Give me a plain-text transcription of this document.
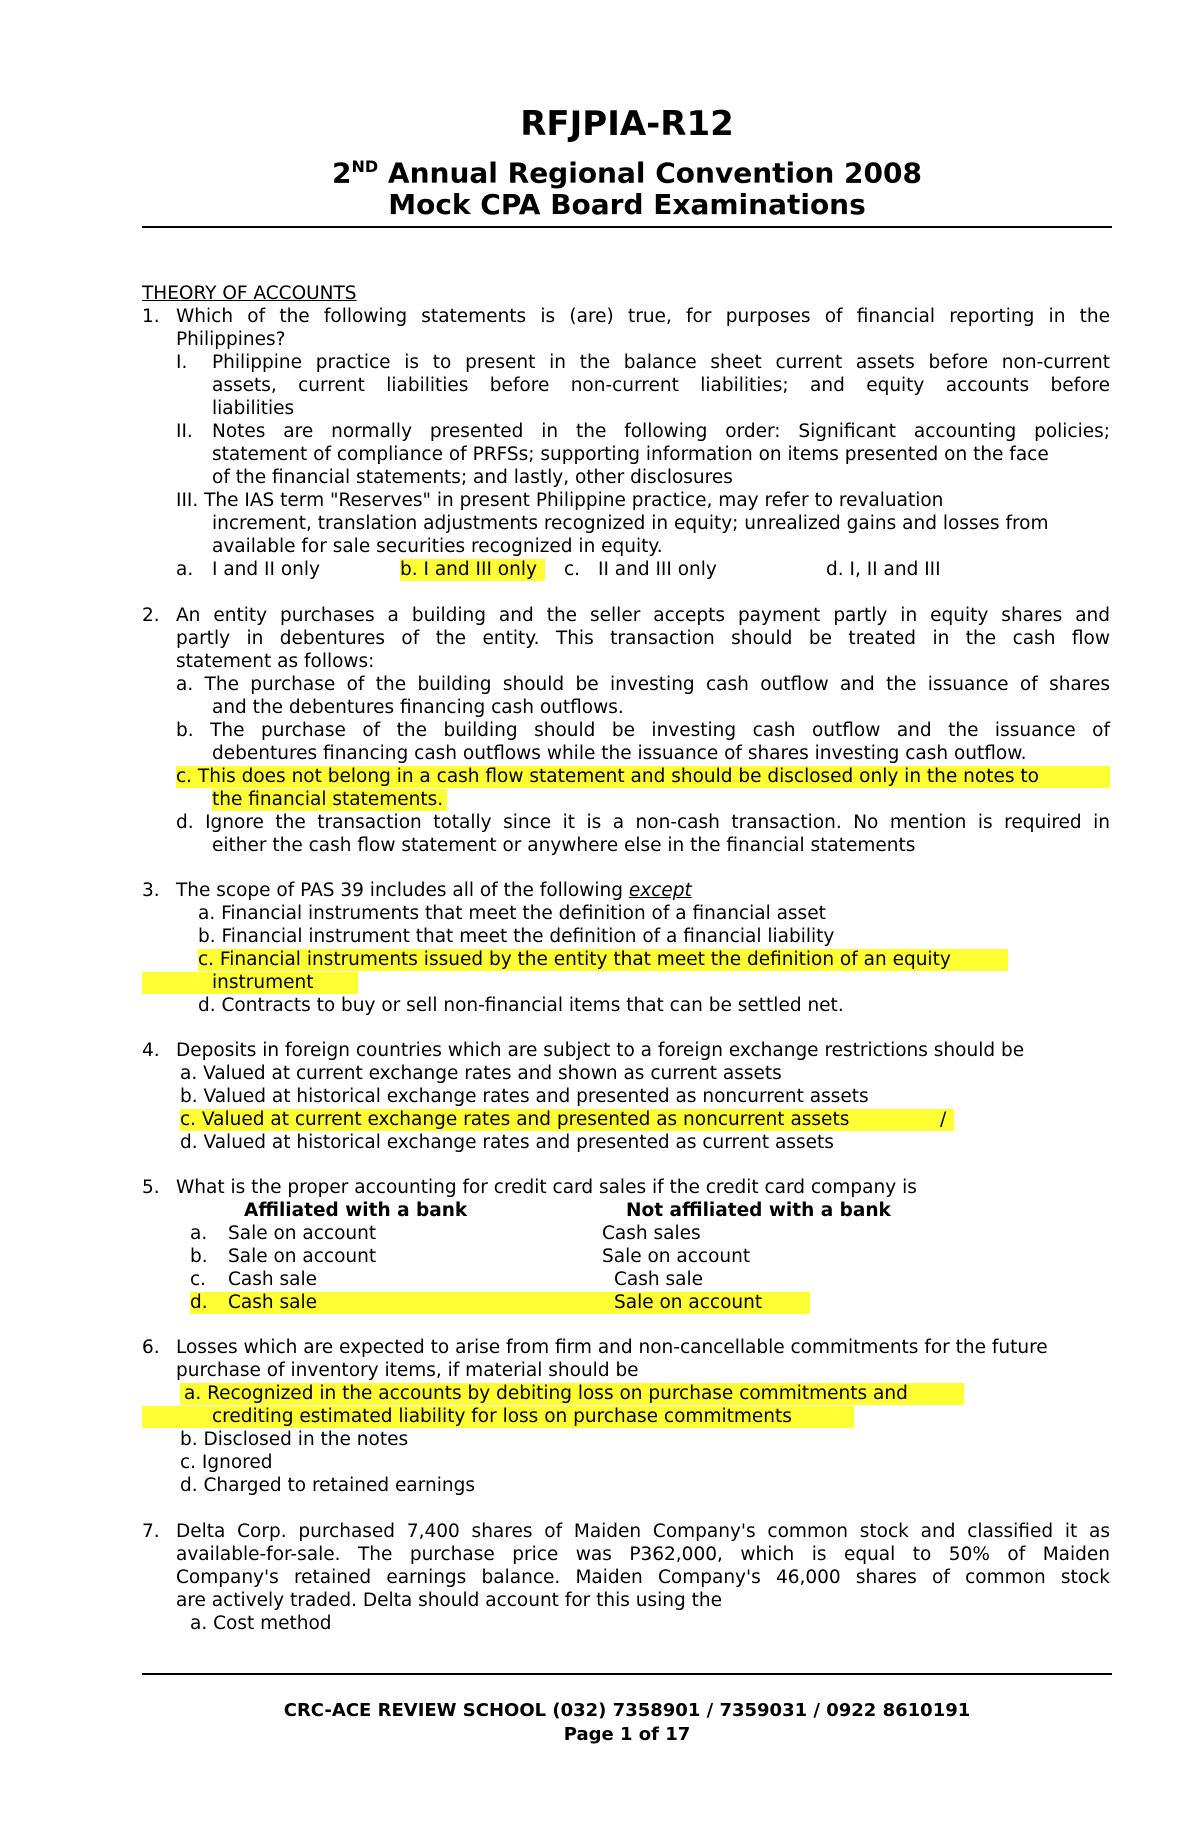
RFJPIA-R12
2ND Annual Regional Convention 2008
Mock CPA Board Examinations
THEORY OF ACCOUNTS
1. Which of the following statements is (are) true, for purposes of financial reporting in the
Philippines?
I. Philippine practice is to present in the balance sheet current assets before non-current
assets, current liabilities before non-current liabilities; and equity accounts before
liabilities
II. Notes are normally presented in the following order: Significant accounting policies;
statement of compliance of PRFSs; supporting information on items presented on the face
of the financial statements; and lastly, other disclosures
III. The IAS term "Reserves" in present Philippine practice, may refer to revaluation
increment, translation adjustments recognized in equity; unrealized gains and losses from
available for sale securities recognized in equity.
a. I and II only	b. I and III only	c. II and III only	d. I, II and III
2. An entity purchases a building and the seller accepts payment partly in equity shares and
partly in debentures of the entity. This transaction should be treated in the cash flow
statement as follows:
a. The purchase of the building should be investing cash outflow and the issuance of shares
and the debentures financing cash outflows.
b. The purchase of the building should be investing cash outflow and the issuance of
debentures financing cash outflows while the issuance of shares investing cash outflow.
c. This does not belong in a cash flow statement and should be disclosed only in the notes to
the financial statements.
d. Ignore the transaction totally since it is a non-cash transaction. No mention is required in
either the cash flow statement or anywhere else in the financial statements
3. The scope of PAS 39 includes all of the following except
a. Financial instruments that meet the definition of a financial asset
b. Financial instrument that meet the definition of a financial liability
c. Financial instruments issued by the entity that meet the definition of an equity
instrument
d. Contracts to buy or sell non-financial items that can be settled net.
4. Deposits in foreign countries which are subject to a foreign exchange restrictions should be
a. Valued at current exchange rates and shown as current assets
b. Valued at historical exchange rates and presented as noncurrent assets
c. Valued at current exchange rates and presented as noncurrent assets	/
d. Valued at historical exchange rates and presented as current assets
5. What is the proper accounting for credit card sales if the credit card company is
Affiliated with a bank	Not affiliated with a bank
a. Sale on account	Cash sales
b. Sale on account	Sale on account
c. Cash sale	Cash sale

d. Cash sale	Sale on account
6. Losses which are expected to arise from firm and non-cancellable commitments for the future
purchase of inventory items, if material should be
a. Recognized in the accounts by debiting loss on purchase commitments and
crediting estimated liability for loss on purchase commitments
b. Disclosed in the notes
c. Ignored
d. Charged to retained earnings
7. Delta Corp. purchased 7,400 shares of Maiden Company's common stock and classified it as
available-for-sale. The purchase price was P362,000, which is equal to 50% of Maiden
Company's retained earnings balance. Maiden Company's 46,000 shares of common stock
are actively traded. Delta should account for this using the
a. Cost method
CRC-ACE REVIEW SCHOOL (032) 7358901 / 7359031 / 0922 8610191
Page 1 of 17
